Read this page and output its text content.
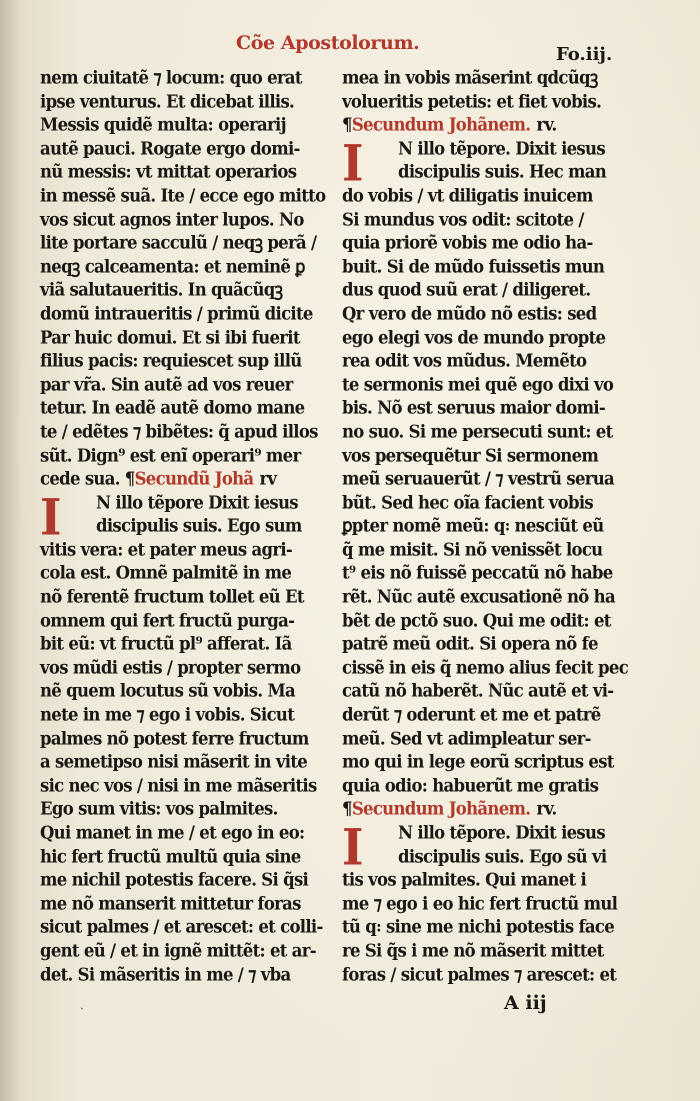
Cõe Apostolorum.
Fo.iij.
nem ciuitatẽ ⁊ locum: quo erat
ipse venturus. Et dicebat illis.
Messis quidẽ multa: operarij
autẽ pauci. Rogate ergo domi-
nũ messis: vt mittat operarios
in messẽ suã. Ite / ecce ego mitto
vos sicut agnos inter lupos. No
lite portare sacculũ / neqꝫ perã /
neqꝫ calceamenta: et neminẽ ꝑ
viã salutaueritis. In quãcũqꝫ
domũ intraueritis / primũ dicite
Par huic domui. Et si ibi fuerit
filius pacis: requiescet sup illũ
par vr̃a. Sin autẽ ad vos reuer
tetur. In eadẽ autẽ domo mane
te / edẽtes ⁊ bibẽtes: q̃ apud illos
sũt. Dign⁹ est enĩ operari⁹ mer
cede sua. ¶Secundũ Johã rv
I	N illo tẽpore Dixit iesus
discipulis suis. Ego sum
vitis vera: et pater meus agri-
cola est. Omnẽ palmitẽ in me
nõ ferentẽ fructum tollet eũ Et
omnem qui fert fructũ purga-
bit eũ: vt fructũ pl⁹ afferat. Iã
vos mũdi estis / propter sermo
nẽ quem locutus sũ vobis. Ma
nete in me ⁊ ego i vobis. Sicut
palmes nõ potest ferre fructum
a semetipso nisi mãserit in vite
sic nec vos / nisi in me mãseritis
Ego sum vitis: vos palmites.
Qui manet in me / et ego in eo:
hic fert fructũ multũ quia sine
me nichil potestis facere. Si q̃si
me nõ manserit mittetur foras
sicut palmes / et arescet: et colli-
gent eũ / et in ignẽ mittẽt: et ar-
det. Si mãseritis in me / ⁊ vba
mea in vobis mãserint qdcũqꝫ
volueritis petetis: et fiet vobis.
¶Secundum Johãnem. rv.
I	N illo tẽpore. Dixit iesus
discipulis suis. Hec man
do vobis / vt diligatis inuicem
Si mundus vos odit: scitote /
quia priorẽ vobis me odio ha-
buit. Si de mũdo fuissetis mun
dus quod suũ erat / diligeret.
Qr vero de mũdo nõ estis: sed
ego elegi vos de mundo propte
rea odit vos mũdus. Memẽto
te sermonis mei quẽ ego dixi vo
bis. Nõ est seruus maior domi-
no suo. Si me persecuti sunt: et
vos persequẽtur Si sermonem
meũ seruauerũt / ⁊ vestrũ serua
bũt. Sed hec oĩa facient vobis
ꝑpter nomẽ meũ: q꞉ nesciũt eũ
q̃ me misit. Si nõ venissẽt locu
t⁹ eis nõ fuissẽ peccatũ nõ habe
rẽt. Nũc autẽ excusationẽ nõ ha
bẽt de pctõ suo. Qui me odit: et
patrẽ meũ odit. Si opera nõ fe
cissẽ in eis q̃ nemo alius fecit pec
catũ nõ haberẽt. Nũc autẽ et vi-
derũt ⁊ oderunt et me et patrẽ
meũ. Sed vt adimpleatur ser-
mo qui in lege eorũ scriptus est
quia odio: habuerũt me gratis
¶Secundum Johãnem. rv.
I	N illo tẽpore. Dixit iesus
discipulis suis. Ego sũ vi
tis vos palmites. Qui manet i
me ⁊ ego i eo hic fert fructũ mul
tũ q꞉ sine me nichi potestis face
re Si q̃s i me nõ mãserit mittet
foras / sicut palmes ⁊ arescet: et
ˎ	A iij
